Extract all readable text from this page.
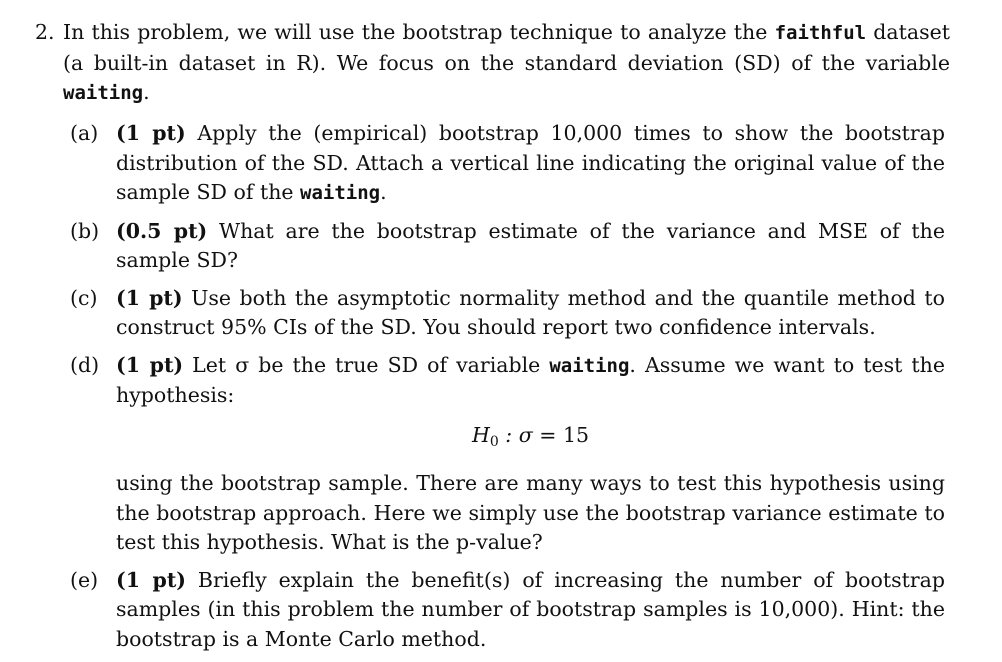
2. In this problem, we will use the bootstrap technique to analyze the faithful dataset (a built-in dataset in R). We focus on the standard deviation (SD) of the variable waiting.
(a) (1 pt) Apply the (empirical) bootstrap 10,000 times to show the bootstrap distribution of the SD. Attach a vertical line indicating the original value of the sample SD of the waiting.
(b) (0.5 pt) What are the bootstrap estimate of the variance and MSE of the sample SD?
(c) (1 pt) Use both the asymptotic normality method and the quantile method to construct 95% CIs of the SD. You should report two confidence intervals.
(d) (1 pt) Let σ be the true SD of variable waiting. Assume we want to test the hypothesis:
$H_0$ : σ = 15
using the bootstrap sample. There are many ways to test this hypothesis using the bootstrap approach. Here we simply use the bootstrap variance estimate to test this hypothesis. What is the p-value?
(e) (1 pt) Briefly explain the benefit(s) of increasing the number of bootstrap samples (in this problem the number of bootstrap samples is 10,000). Hint: the bootstrap is a Monte Carlo method.
